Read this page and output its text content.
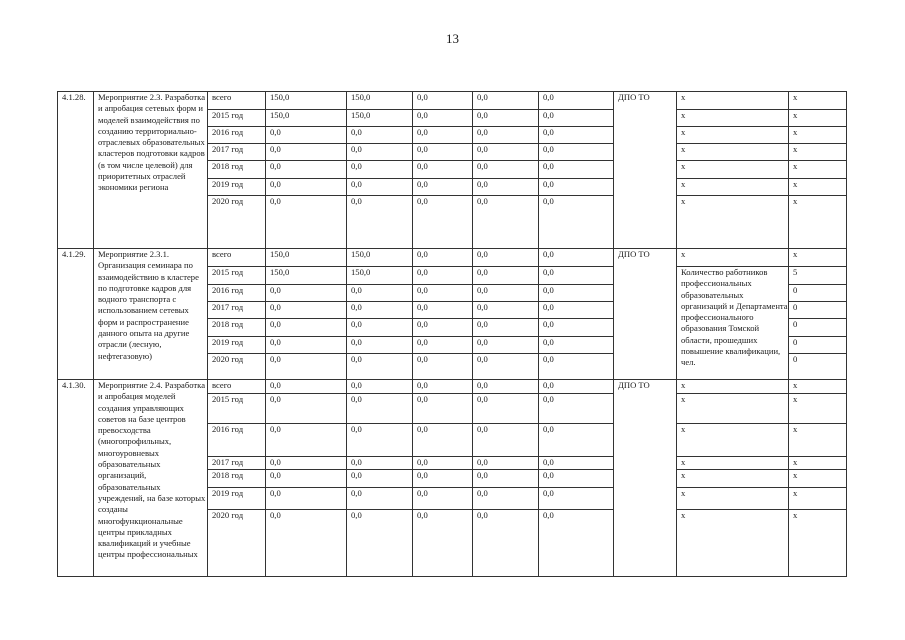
13
4.1.28.	Мероприятие 2.3. Разработка и апробация сетевых форм и моделей взаимодействия по созданию территориально-отраслевых образовательных кластеров подготовки кадров (в том числе целевой) для приоритетных отраслей экономики региона	всего	150,0	150,0	0,0	0,0	0,0	ДПО ТО	х	х
		2015 год	150,0	150,0	0,0	0,0	0,0		х	х
		2016 год	0,0	0,0	0,0	0,0	0,0		х	х
		2017 год	0,0	0,0	0,0	0,0	0,0		х	х
		2018 год	0,0	0,0	0,0	0,0	0,0		х	х
		2019 год	0,0	0,0	0,0	0,0	0,0		х	х
		2020 год	0,0	0,0	0,0	0,0	0,0		х	х
4.1.29.	Мероприятие 2.3.1. Организация семинара по взаимодействию в кластере по подготовке кадров для водного транспорта с использованием сетевых форм и распространение данного опыта на другие отрасли (лесную, нефтегазовую)	всего	150,0	150,0	0,0	0,0	0,0	ДПО ТО	х	х
		2015 год	150,0	150,0	0,0	0,0	0,0		Количество работников профессиональных образовательных организаций и Департамента профессионального образования Томской области, прошедших повышение квалификации, чел.	5
		2016 год	0,0	0,0	0,0	0,0	0,0			0
		2017 год	0,0	0,0	0,0	0,0	0,0			0
		2018 год	0,0	0,0	0,0	0,0	0,0			0
		2019 год	0,0	0,0	0,0	0,0	0,0			0
		2020 год	0,0	0,0	0,0	0,0	0,0			0
4.1.30.	Мероприятие 2.4. Разработка и апробация моделей создания управляющих советов на базе центров превосходства (многопрофильных, многоуровневых образовательных организаций, образовательных учреждений, на базе которых созданы многофункциональные центры прикладных квалификаций и учебные центры профессиональных	всего	0,0	0,0	0,0	0,0	0,0	ДПО ТО	х	х
		2015 год	0,0	0,0	0,0	0,0	0,0		х	х
		2016 год	0,0	0,0	0,0	0,0	0,0		х	х
		2017 год	0,0	0,0	0,0	0,0	0,0		х	х
		2018 год	0,0	0,0	0,0	0,0	0,0		х	х
		2019 год	0,0	0,0	0,0	0,0	0,0		х	х
		2020 год	0,0	0,0	0,0	0,0	0,0		х	х
